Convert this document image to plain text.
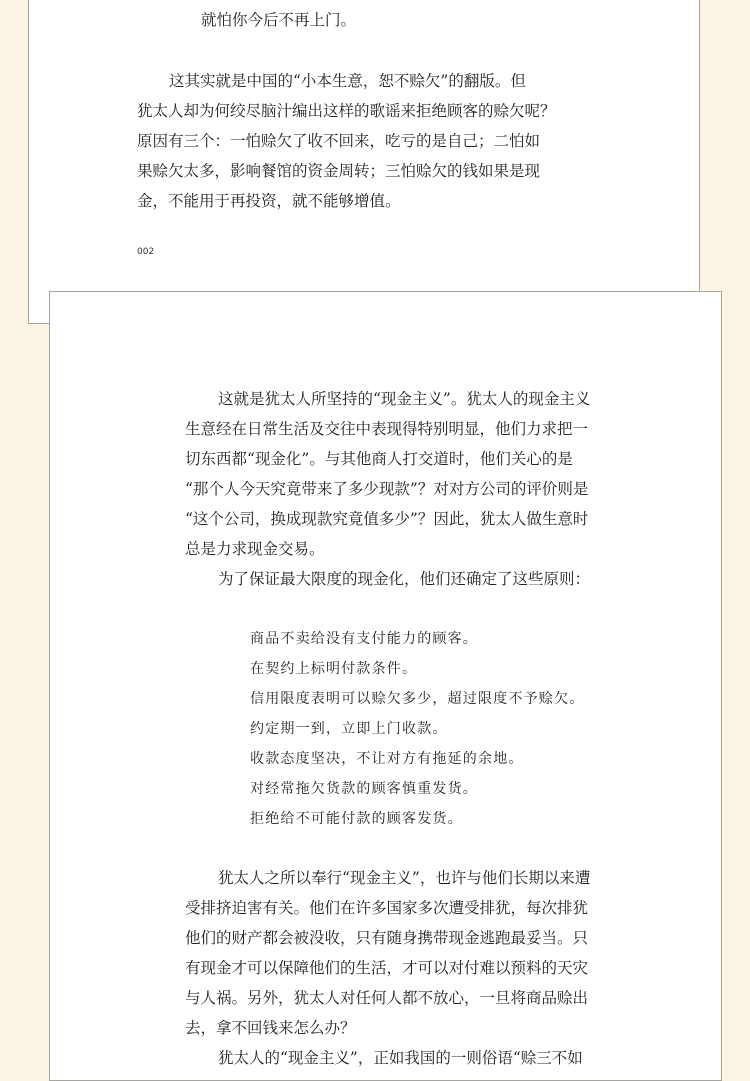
就怕你今后不再上门。
这其实就是中国的“小本生意，恕不赊欠”的翻版。但
犹太人却为何绞尽脑汁编出这样的歌谣来拒绝顾客的赊欠呢？
原因有三个：一怕赊欠了收不回来，吃亏的是自己；二怕如
果赊欠太多，影响餐馆的资金周转；三怕赊欠的钱如果是现
金，不能用于再投资，就不能够增值。
002
这就是犹太人所坚持的“现金主义”。犹太人的现金主义
生意经在日常生活及交往中表现得特别明显，他们力求把一
切东西都“现金化”。与其他商人打交道时，他们关心的是
“那个人今天究竟带来了多少现款”？对对方公司的评价则是
“这个公司，换成现款究竟值多少”？因此，犹太人做生意时
总是力求现金交易。
为了保证最大限度的现金化，他们还确定了这些原则：
商品不卖给没有支付能力的顾客。
在契约上标明付款条件。
信用限度表明可以赊欠多少，超过限度不予赊欠。
约定期一到，立即上门收款。
收款态度坚决，不让对方有拖延的余地。
对经常拖欠货款的顾客慎重发货。
拒绝给不可能付款的顾客发货。
犹太人之所以奉行“现金主义”，也许与他们长期以来遭
受排挤迫害有关。他们在许多国家多次遭受排犹，每次排犹
他们的财产都会被没收，只有随身携带现金逃跑最妥当。只
有现金才可以保障他们的生活，才可以对付难以预料的天灾
与人祸。另外，犹太人对任何人都不放心，一旦将商品赊出
去，拿不回钱来怎么办？
犹太人的“现金主义”，正如我国的一则俗语“赊三不如
